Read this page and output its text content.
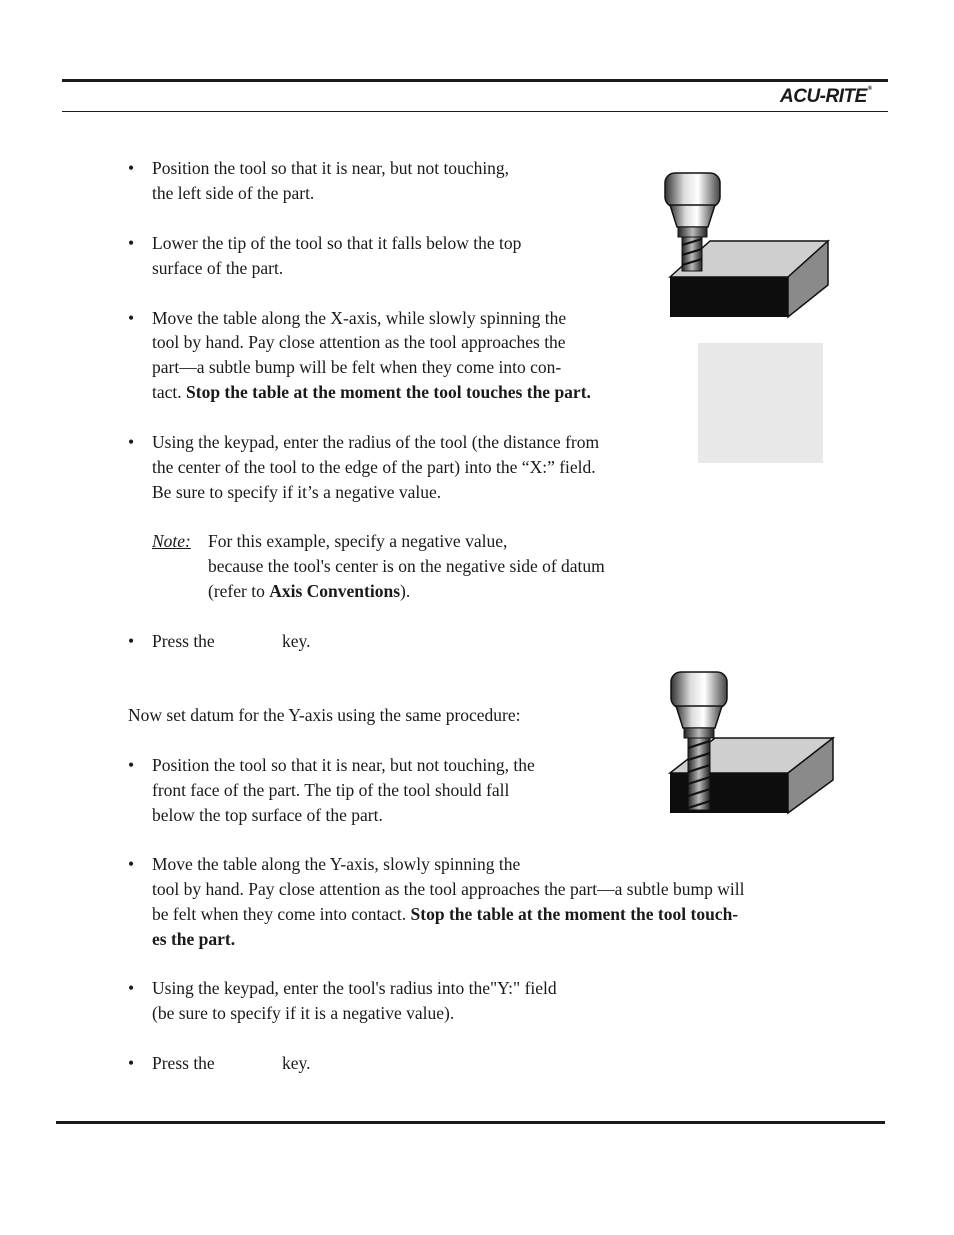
ACU-RITE®
• Position the tool so that it is near, but not touching,
the left side of the part.
• Lower the tip of the tool so that it falls below the top
surface of the part.
• Move the table along the X-axis, while slowly spinning the
tool by hand. Pay close attention as the tool approaches the
part—a subtle bump will be felt when they come into con-
tact. Stop the table at the moment the tool touches the part.
• Using the keypad, enter the radius of the tool (the distance from
the center of the tool to the edge of the part) into the “X:” field.
Be sure to specify if it’s a negative value.
Note: For this example, specify a negative value,
because the tool's center is on the negative side of datum
(refer to Axis Conventions).
• Press the	key.
Now set datum for the Y-axis using the same procedure:
• Position the tool so that it is near, but not touching, the
front face of the part. The tip of the tool should fall
below the top surface of the part.
• Move the table along the Y-axis, slowly spinning the
tool by hand. Pay close attention as the tool approaches the part—a subtle bump will
be felt when they come into contact. Stop the table at the moment the tool touch-
es the part.
• Using the keypad, enter the tool's radius into the"Y:" field
(be sure to specify if it is a negative value).
• Press the	key.
